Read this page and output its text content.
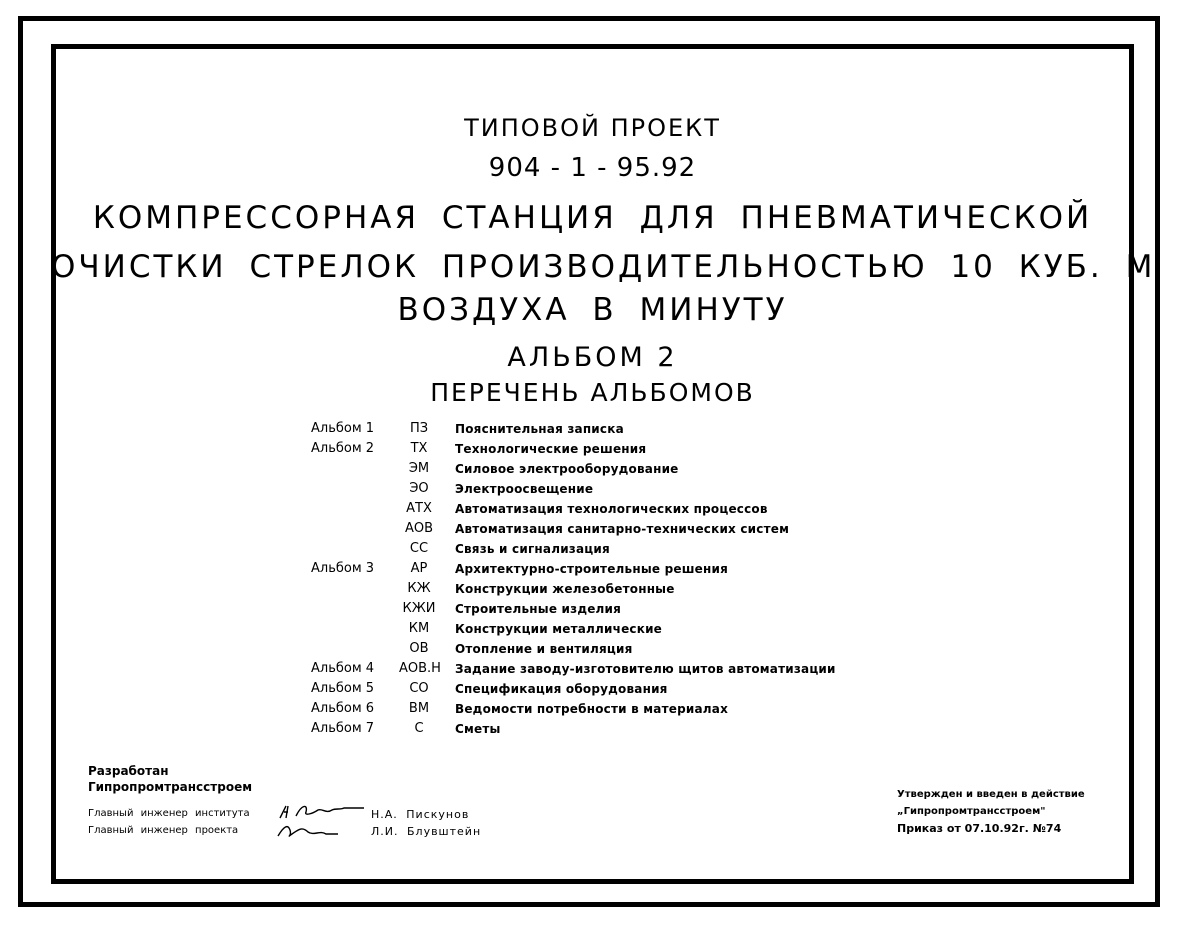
ТИПОВОЙ ПРОЕКТ
904 - 1 - 95.92
КОМПРЕССОРНАЯ СТАНЦИЯ ДЛЯ ПНЕВМАТИЧЕСКОЙ
ОЧИСТКИ СТРЕЛОК ПРОИЗВОДИТЕЛЬНОСТЬЮ 10 КУБ. М
ВОЗДУХА В МИНУТУ
АЛЬБОМ 2
ПЕРЕЧЕНЬ АЛЬБОМОВ
Альбом 1	ПЗ	Пояснительная записка
Альбом 2	ТХ	Технологические решения
ЭМ	Силовое электрооборудование
ЭО	Электроосвещение
АТХ	Автоматизация технологических процессов
АОВ	Автоматизация санитарно-технических систем
СС	Связь и сигнализация
Альбом 3	АР	Архитектурно-строительные решения
КЖ	Конструкции железобетонные
КЖИ Строительные изделия
КМ	Конструкции металлические
ОВ	Отопление и вентиляция
Альбом 4	АОВ.Н Задание заводу-изготовителю щитов автоматизации
Альбом 5	СО	Спецификация оборудования
Альбом 6	ВМ	Ведомости потребности в материалах
Альбом 7	С	Сметы
Разработан
Гипропромтрансстроем
Главный инженер института	Н.А. Пискунов
Главный инженер проекта	Л.И. Блувштейн
Утвержден и введен в действие
„Гипропромтрансстроем"
Приказ от 07.10.92г. №74
